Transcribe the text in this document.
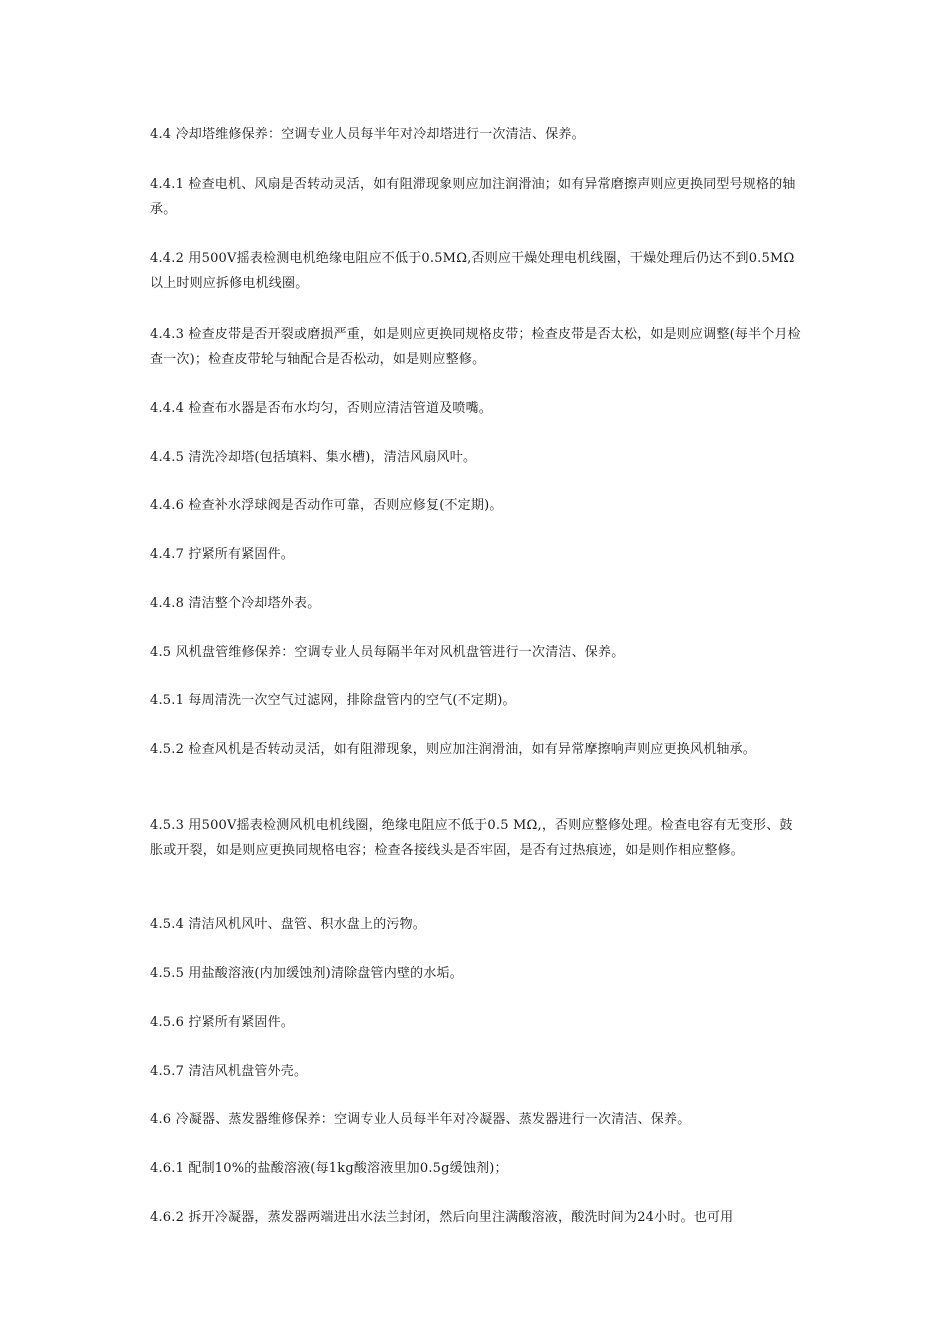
4.4 冷却塔维修保养：空调专业人员每半年对冷却塔进行一次清洁、保养。

4.4.1 检查电机、风扇是否转动灵活，如有阻滞现象则应加注润滑油；如有异常磨擦声则应更换同型号规格的轴承。

4.4.2 用500V摇表检测电机绝缘电阻应不低于0.5MΩ,否则应干燥处理电机线圈，干燥处理后仍达不到0.5MΩ以上时则应拆修电机线圈。

4.4.3 检查皮带是否开裂或磨损严重，如是则应更换同规格皮带；检查皮带是否太松，如是则应调整(每半个月检查一次)；检查皮带轮与轴配合是否松动，如是则应整修。

4.4.4 检查布水器是否布水均匀，否则应清洁管道及喷嘴。

4.4.5 清洗冷却塔(包括填料、集水槽)，清洁风扇风叶。

4.4.6 检查补水浮球阀是否动作可靠，否则应修复(不定期)。

4.4.7 拧紧所有紧固件。

4.4.8 清洁整个冷却塔外表。

4.5 风机盘管维修保养：空调专业人员每隔半年对风机盘管进行一次清洁、保养。

4.5.1 每周清洗一次空气过滤网，排除盘管内的空气(不定期)。

4.5.2 检查风机是否转动灵活，如有阻滞现象，则应加注润滑油，如有异常摩擦响声则应更换风机轴承。

4.5.3 用500V摇表检测风机电机线圈，绝缘电阻应不低于0.5 MΩ,，否则应整修处理。检查电容有无变形、鼓胀或开裂，如是则应更换同规格电容；检查各接线头是否牢固，是否有过热痕迹，如是则作相应整修。

4.5.4 清洁风机风叶、盘管、积水盘上的污物。

4.5.5 用盐酸溶液(内加缓蚀剂)清除盘管内壁的水垢。

4.5.6 拧紧所有紧固件。

4.5.7 清洁风机盘管外壳。

4.6 冷凝器、蒸发器维修保养：空调专业人员每半年对冷凝器、蒸发器进行一次清洁、保养。

4.6.1 配制10%的盐酸溶液(每1kg酸溶液里加0.5g缓蚀剂)；

4.6.2 拆开冷凝器，蒸发器两端进出水法兰封闭，然后向里注满酸溶液，酸洗时间为24小时。也可用
